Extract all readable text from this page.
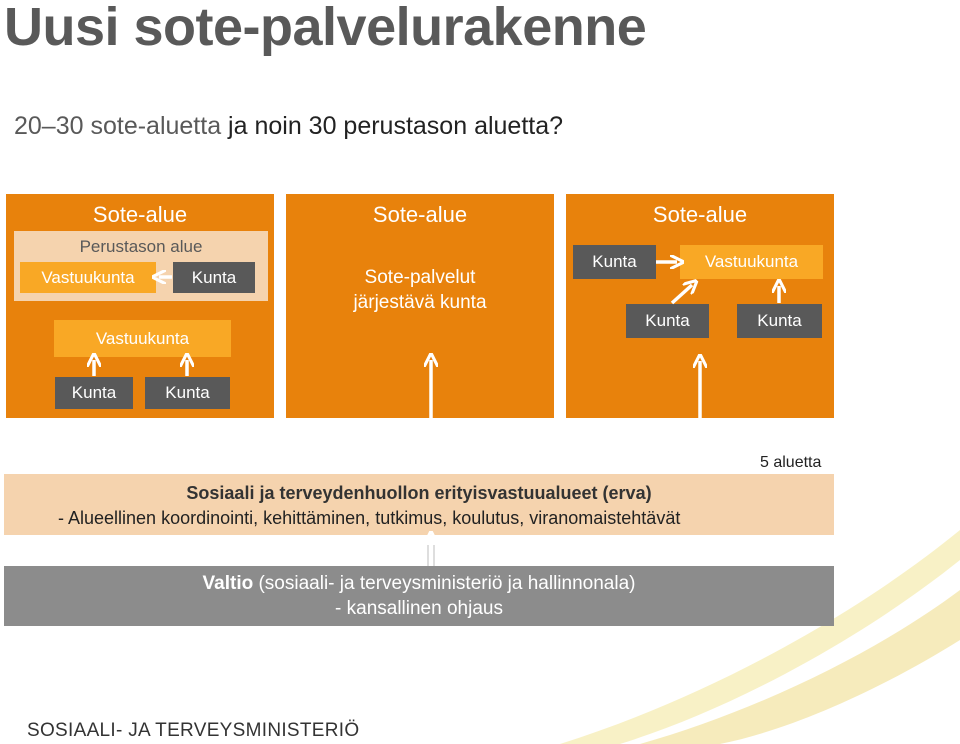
Uusi sote-palvelurakenne
20–30 sote-aluetta ja noin 30 perustason aluetta?
Sote-alue
Perustason alue
Vastuukunta	Kunta
Vastuukunta
Kunta	Kunta
Sote-alue
Sote-palvelut
järjestävä kunta
Sote-alue
Kunta	Vastuukunta
Kunta	Kunta
5 aluetta
Sosiaali ja terveydenhuollon erityisvastuualueet (erva)
- Alueellinen koordinointi, kehittäminen, tutkimus, koulutus, viranomaistehtävät
Valtio (sosiaali- ja terveysministeriö ja hallinnonala)
- kansallinen ohjaus
SOSIAALI- JA TERVEYSMINISTERIÖ
